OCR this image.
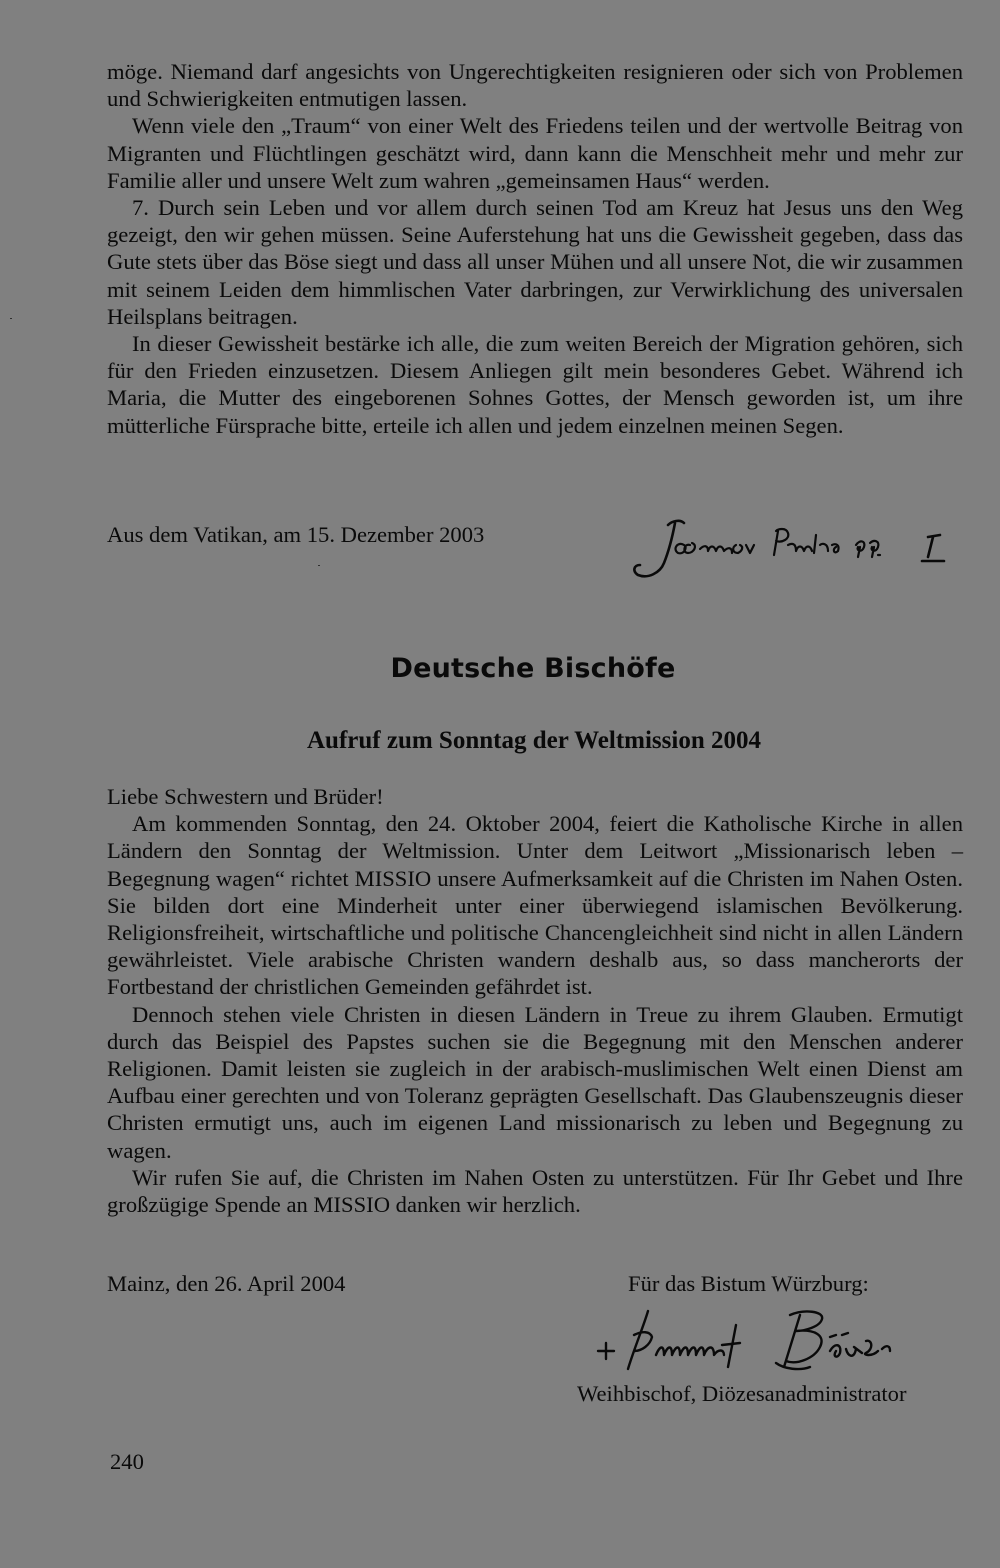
möge. Niemand darf angesichts von Ungerechtigkeiten resignieren oder sich von Problemen und Schwierigkeiten entmutigen lassen.

Wenn viele den „Traum“ von einer Welt des Friedens teilen und der wertvolle Beitrag von Migranten und Flüchtlingen geschätzt wird, dann kann die Menschheit mehr und mehr zur Familie aller und unsere Welt zum wahren „gemeinsamen Haus“ werden.

7. Durch sein Leben und vor allem durch seinen Tod am Kreuz hat Jesus uns den Weg gezeigt, den wir gehen müssen. Seine Auferstehung hat uns die Gewissheit gegeben, dass das Gute stets über das Böse siegt und dass all unser Mühen und all unsere Not, die wir zusammen mit seinem Leiden dem himmlischen Vater darbringen, zur Verwirklichung des universalen Heilsplans beitragen.

In dieser Gewissheit bestärke ich alle, die zum weiten Bereich der Migration gehören, sich für den Frieden einzusetzen. Diesem Anliegen gilt mein besonderes Gebet. Während ich Maria, die Mutter des eingeborenen Sohnes Gottes, der Mensch geworden ist, um ihre mütterliche Fürsprache bitte, erteile ich allen und jedem einzelnen meinen Segen.

Aus dem Vatikan, am 15. Dezember 2003
Deutsche Bischöfe
Aufruf zum Sonntag der Weltmission 2004

Liebe Schwestern und Brüder!

Am kommenden Sonntag, den 24. Oktober 2004, feiert die Katholische Kirche in allen Ländern den Sonntag der Weltmission. Unter dem Leitwort „Missionarisch leben – Begegnung wagen“ richtet MISSIO unsere Aufmerksamkeit auf die Christen im Nahen Osten. Sie bilden dort eine Minderheit unter einer überwiegend islamischen Bevölkerung. Religionsfreiheit, wirtschaftliche und politische Chancengleichheit sind nicht in allen Ländern gewährleistet. Viele arabische Christen wandern deshalb aus, so dass mancherorts der Fortbestand der christlichen Gemeinden gefährdet ist.

Dennoch stehen viele Christen in diesen Ländern in Treue zu ihrem Glauben. Ermutigt durch das Beispiel des Papstes suchen sie die Begegnung mit den Menschen anderer Religionen. Damit leisten sie zugleich in der arabisch-muslimischen Welt einen Dienst am Aufbau einer gerechten und von Toleranz geprägten Gesellschaft. Das Glaubenszeugnis dieser Christen ermutigt uns, auch im eigenen Land missionarisch zu leben und Begegnung zu wagen.

Wir rufen Sie auf, die Christen im Nahen Osten zu unterstützen. Für Ihr Gebet und Ihre großzügige Spende an MISSIO danken wir herzlich.

Mainz, den 26. April 2004	Für das Bistum Würzburg:
Weihbischof, Diözesanadministrator
240
